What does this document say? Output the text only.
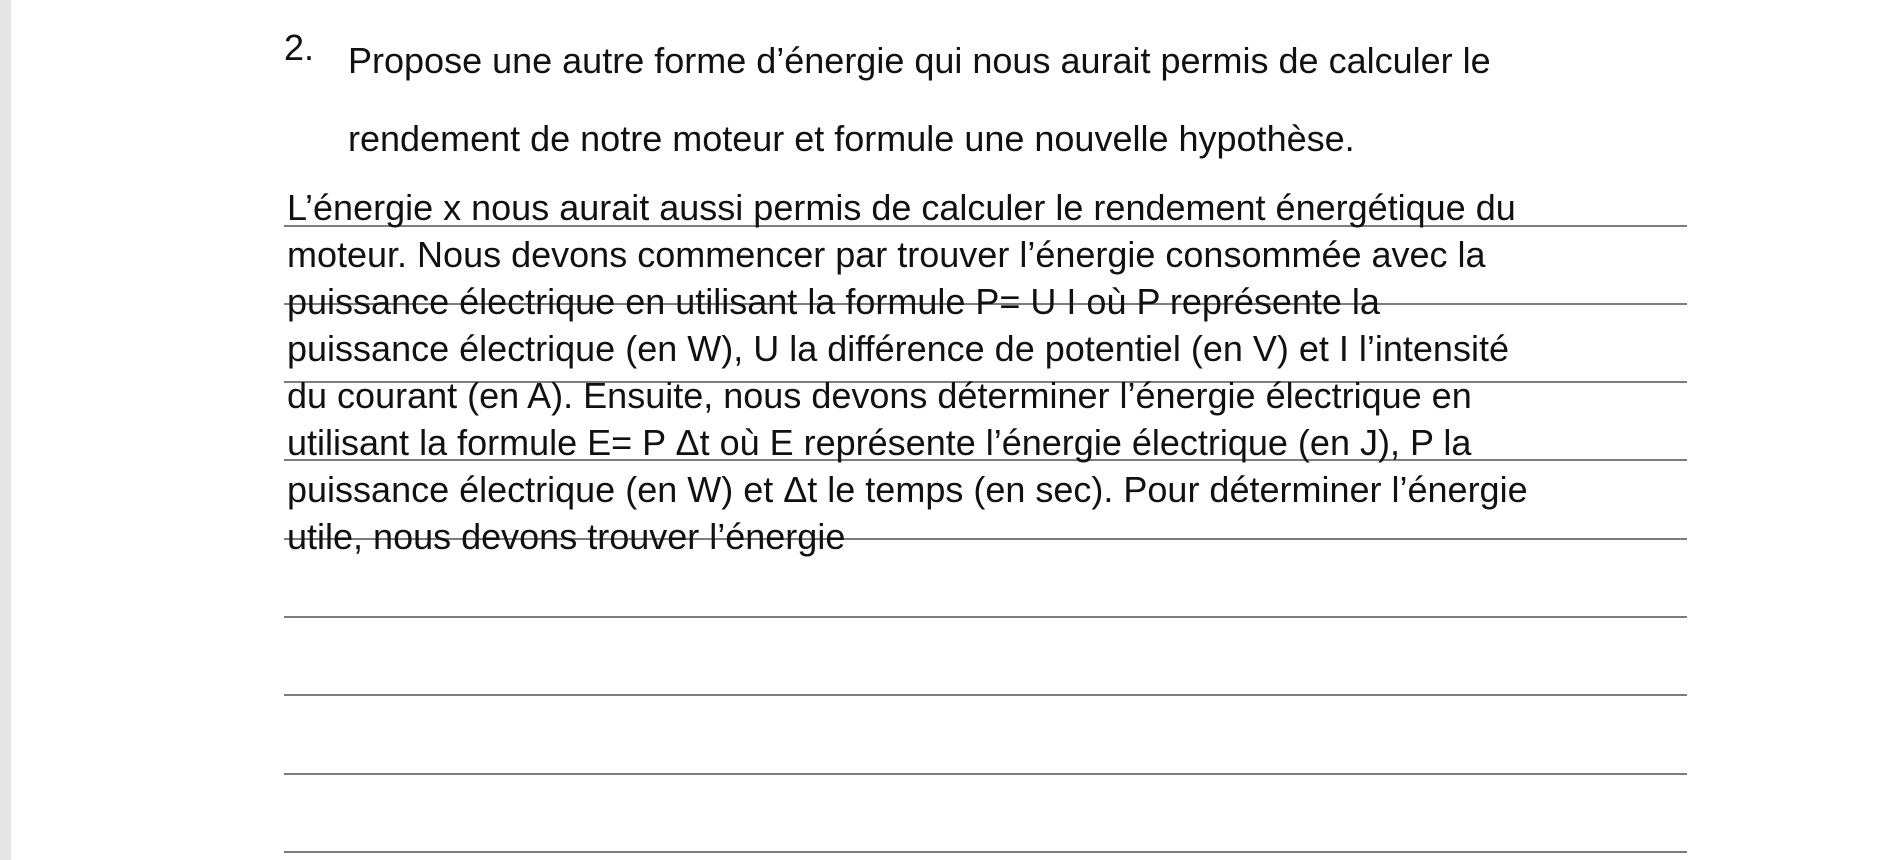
2. Propose une autre forme d’énergie qui nous aurait permis de calculer le
rendement de notre moteur et formule une nouvelle hypothèse.
L’énergie x nous aurait aussi permis de calculer le rendement énergétique du
moteur. Nous devons commencer par trouver l’énergie consommée avec la
puissance électrique en utilisant la formule P= U I où P représente la
puissance électrique (en W), U la différence de potentiel (en V) et I l’intensité
du courant (en A). Ensuite, nous devons déterminer l’énergie électrique en
utilisant la formule E= P Δt où E représente l’énergie électrique (en J), P la
puissance électrique (en W) et Δt le temps (en sec). Pour déterminer l’énergie
utile, nous devons trouver l’énergie
